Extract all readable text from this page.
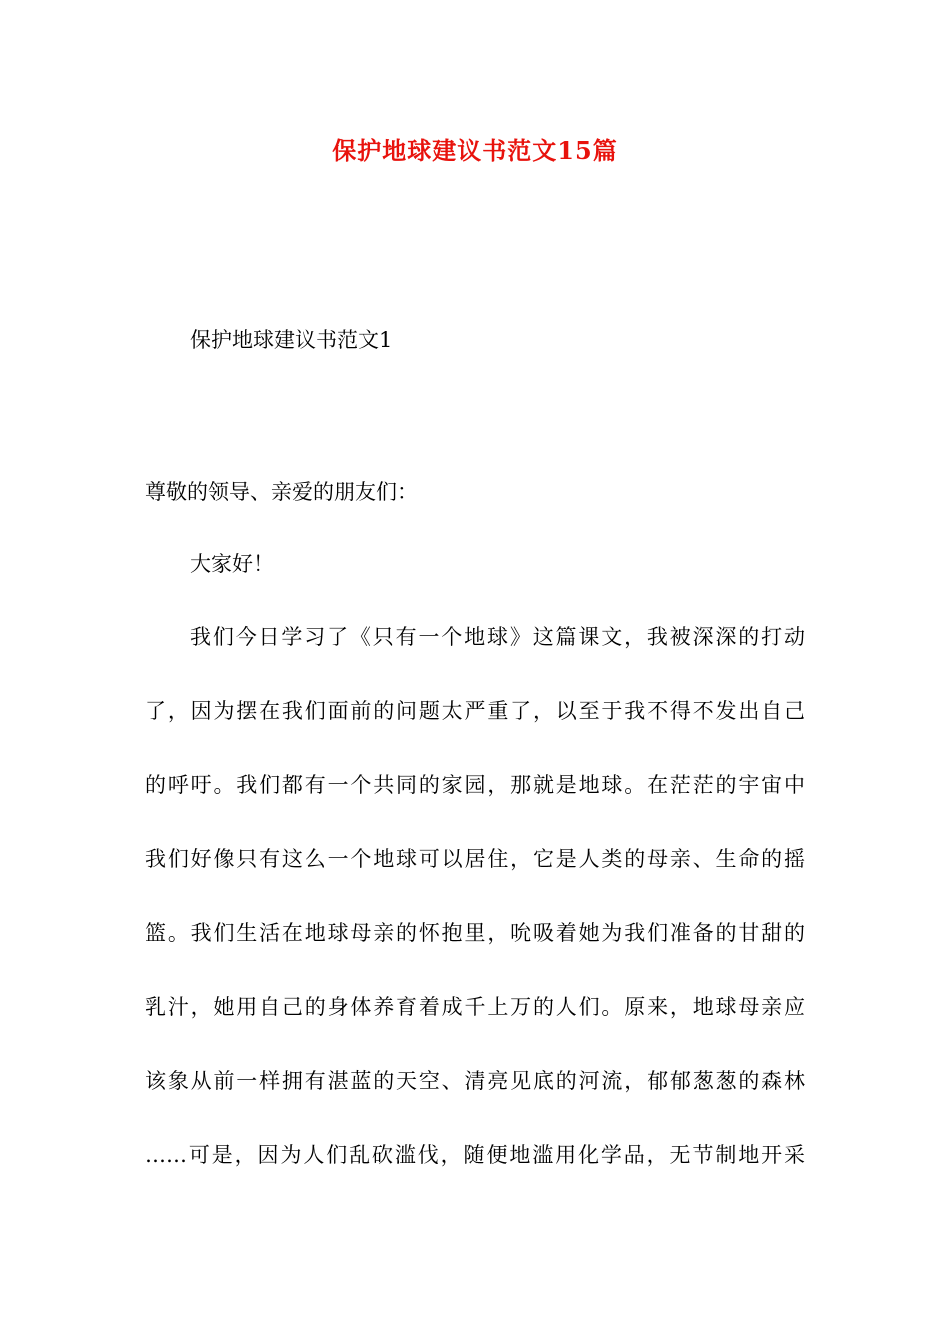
保护地球建议书范文15篇
保护地球建议书范文1
尊敬的领导、亲爱的朋友们：
大家好！
我们今日学习了《只有一个地球》这篇课文，我被深深的打动
了，因为摆在我们面前的问题太严重了，以至于我不得不发出自己
的呼吁。我们都有一个共同的家园，那就是地球。在茫茫的宇宙中
我们好像只有这么一个地球可以居住，它是人类的母亲、生命的摇
篮。我们生活在地球母亲的怀抱里，吮吸着她为我们准备的甘甜的
乳汁，她用自己的身体养育着成千上万的人们。原来，地球母亲应
该象从前一样拥有湛蓝的天空、清亮见底的河流，郁郁葱葱的森林
……可是，因为人们乱砍滥伐，随便地滥用化学品，无节制地开采
